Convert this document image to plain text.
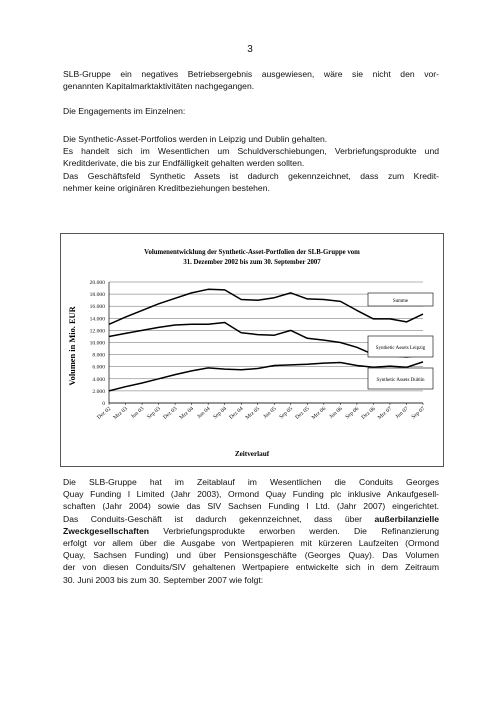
3
SLB-Gruppe ein negatives Betriebsergebnis ausgewiesen, wäre sie nicht den vor-
genannten Kapitalmarktaktivitäten nachgegangen.
Die Engagements im Einzelnen:
Die Synthetic-Asset-Portfolios werden in Leipzig und Dublin gehalten.
Es handelt sich im Wesentlichen um Schuldverschiebungen, Verbriefungsprodukte und
Kreditderivate, die bis zur Endfälligkeit gehalten werden sollten.
Das Geschäftsfeld Synthetic Assets ist dadurch gekennzeichnet, dass zum Kredit-
nehmer keine originären Kreditbeziehungen bestehen.
Volumenentwicklung der Synthetic-Asset-Portfolien der SLB-Gruppe vom
31. Dezember 2002 bis zum 30. September 2007
Volumen in Mio. EUR
Zeitverlauf
0
2.000
4.000
6.000
8.000
10.000
12.000
14.000
16.000
18.000
20.000
Dez 02 Mrz 03 Jun 03 Sep 03 Dez 03 Mrz 04 Jun 04 Sep 04 Dez 04 Mrz 05 Jun 05 Sep 05 Dez 05 Mrz 06 Jun 06 Sep 06 Dez 06 Mrz 07 Jun 07 Sep 07
Summe
Synthetic Assets Leipzig
Synthetic Assets Dublin
Die SLB-Gruppe hat im Zeitablauf im Wesentlichen die Conduits Georges
Quay Funding I Limited (Jahr 2003), Ormond Quay Funding plc inklusive Ankaufgesell-
schaften (Jahr 2004) sowie das SIV Sachsen Funding I Ltd. (Jahr 2007) eingerichtet.
Das Conduits-Geschäft ist dadurch gekennzeichnet, dass über außerbilanzielle
Zweckgesellschaften Verbriefungsprodukte erworben werden. Die Refinanzierung
erfolgt vor allem über die Ausgabe von Wertpapieren mit kürzeren Laufzeiten (Ormond
Quay, Sachsen Funding) und über Pensionsgeschäfte (Georges Quay). Das Volumen
der von diesen Conduits/SIV gehaltenen Wertpapiere entwickelte sich in dem Zeitraum
30. Juni 2003 bis zum 30. September 2007 wie folgt:
